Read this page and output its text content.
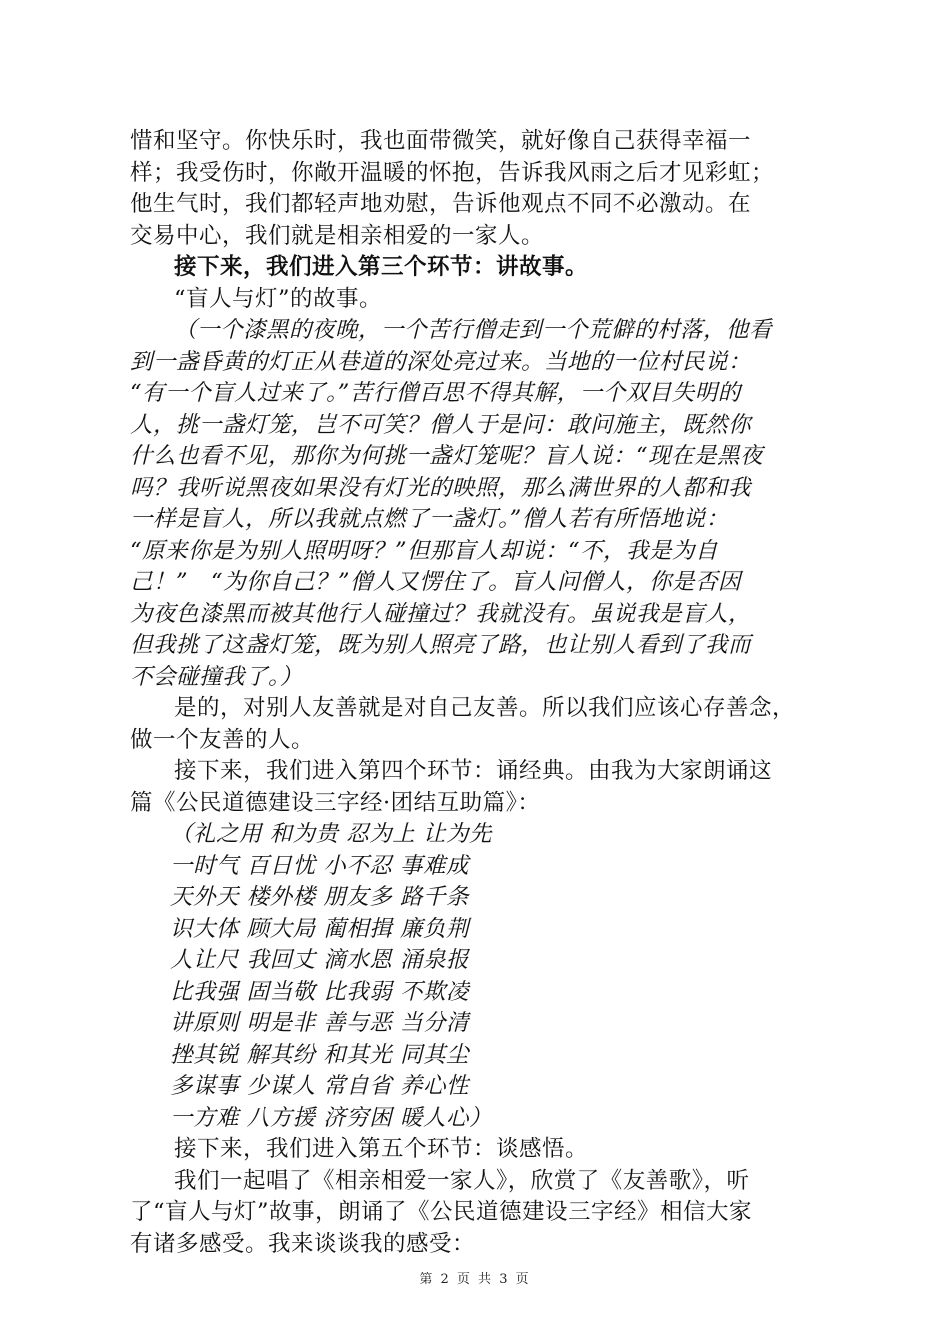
惜和坚守。你快乐时，我也面带微笑，就好像自己获得幸福一
样；我受伤时，你敞开温暖的怀抱，告诉我风雨之后才见彩虹；
他生气时，我们都轻声地劝慰，告诉他观点不同不必激动。在
交易中心，我们就是相亲相爱的一家人。
接下来，我们进入第三个环节：讲故事。
“盲人与灯”的故事。
（一个漆黑的夜晚，一个苦行僧走到一个荒僻的村落，他看
到一盏昏黄的灯正从巷道的深处亮过来。当地的一位村民说：
“有一个盲人过来了。”苦行僧百思不得其解，一个双目失明的
人，挑一盏灯笼，岂不可笑？僧人于是问：敢问施主，既然你
什么也看不见，那你为何挑一盏灯笼呢？盲人说：“现在是黑夜
吗？我听说黑夜如果没有灯光的映照，那么满世界的人都和我
一样是盲人，所以我就点燃了一盏灯。”僧人若有所悟地说：
“原来你是为别人照明呀？”但那盲人却说：“不，我是为自
己！”　“为你自己？”僧人又愣住了。盲人问僧人，你是否因
为夜色漆黑而被其他行人碰撞过？我就没有。虽说我是盲人，
但我挑了这盏灯笼，既为别人照亮了路，也让别人看到了我而
不会碰撞我了。）
是的，对别人友善就是对自己友善。所以我们应该心存善念，
做一个友善的人。
接下来，我们进入第四个环节：诵经典。由我为大家朗诵这
篇《公民道德建设三字经·团结互助篇》：
（礼之用 和为贵 忍为上 让为先
一时气 百日忧 小不忍 事难成
天外天 楼外楼 朋友多 路千条
识大体 顾大局 蔺相揖 廉负荆
人让尺 我回丈 滴水恩 涌泉报
比我强 固当敬 比我弱 不欺凌
讲原则 明是非 善与恶 当分清
挫其锐 解其纷 和其光 同其尘
多谋事 少谋人 常自省 养心性
一方难 八方援 济穷困 暖人心）
接下来，我们进入第五个环节：谈感悟。
我们一起唱了《相亲相爱一家人》，欣赏了《友善歌》，听
了“盲人与灯”故事，朗诵了《公民道德建设三字经》相信大家
有诸多感受。我来谈谈我的感受：
第 2 页 共 3 页
